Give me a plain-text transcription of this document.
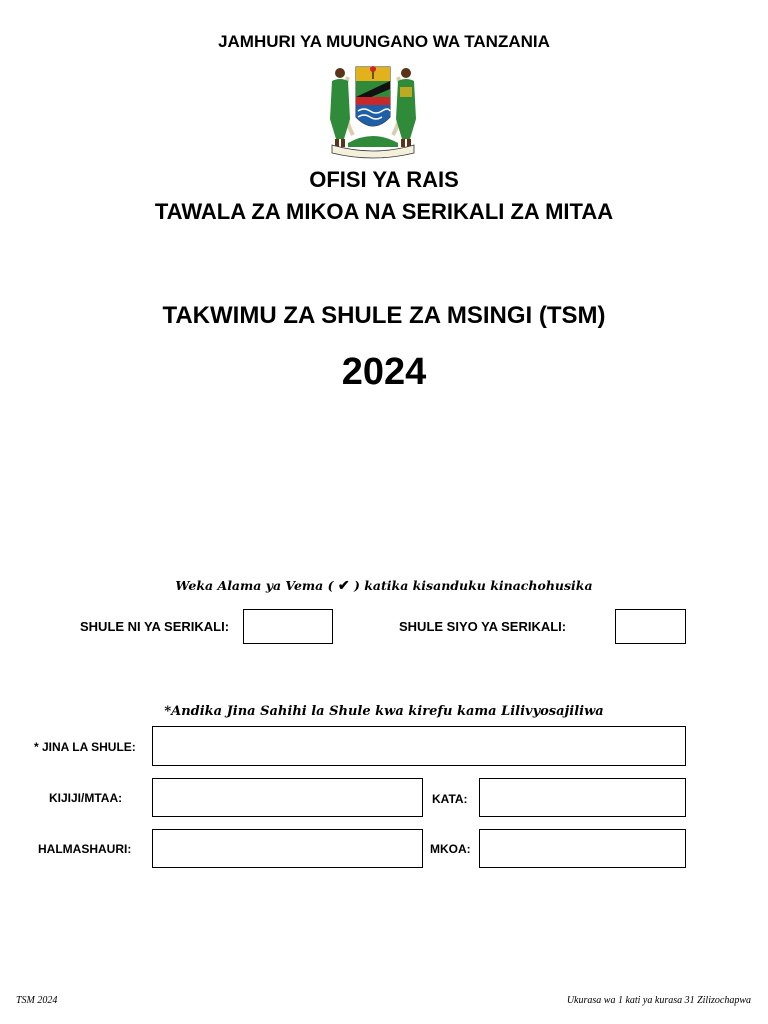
JAMHURI YA MUUNGANO WA TANZANIA
OFISI YA RAIS
TAWALA ZA MIKOA NA SERIKALI ZA MITAA
TAKWIMU ZA SHULE ZA MSINGI (TSM)
2024
Weka Alama ya Vema ( ✔ ) katika kisanduku kinachohusika
SHULE NI YA SERIKALI:	SHULE SIYO YA SERIKALI:
*Andika Jina Sahihi la Shule kwa kirefu kama Lilivyosajiliwa
* JINA LA SHULE:
KIJIJI/MTAA:	KATA:
HALMASHAURI:	MKOA:
TSM 2024	Ukurasa wa 1 kati ya kurasa 31 Zilizochapwa
